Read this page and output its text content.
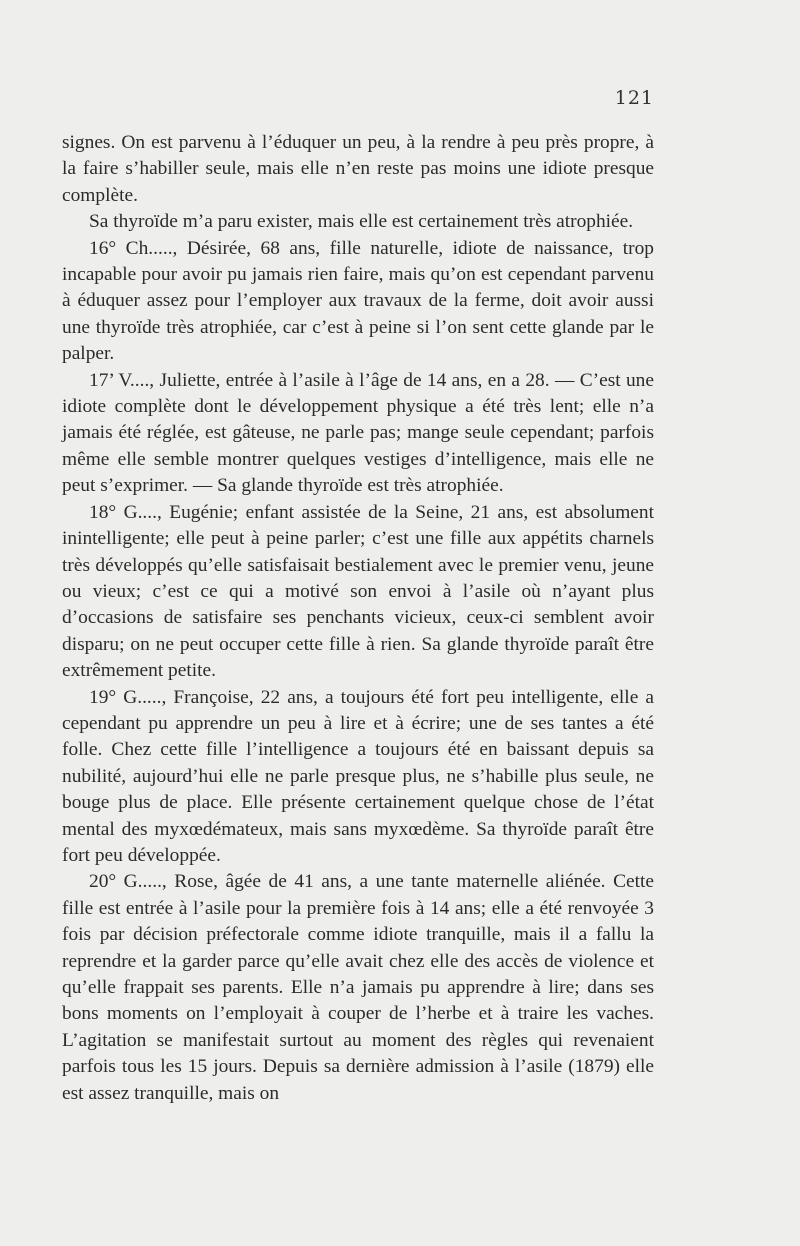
121

signes. On est parvenu à l’éduquer un peu, à la rendre à peu près propre, à la faire s’habiller seule, mais elle n’en reste pas moins une idiote presque complète.

Sa thyroïde m’a paru exister, mais elle est certainement très atrophiée.

16° Ch....., Désirée, 68 ans, fille naturelle, idiote de naissance, trop incapable pour avoir pu jamais rien faire, mais qu’on est cependant parvenu à éduquer assez pour l’employer aux travaux de la ferme, doit avoir aussi une thyroïde très atrophiée, car c’est à peine si l’on sent cette glande par le palper.

17’ V...., Juliette, entrée à l’asile à l’âge de 14 ans, en a 28. — C’est une idiote complète dont le développement physique a été très lent; elle n’a jamais été réglée, est gâteuse, ne parle pas; mange seule cependant; parfois même elle semble montrer quelques vestiges d’intelligence, mais elle ne peut s’exprimer. — Sa glande thyroïde est très atrophiée.

18° G...., Eugénie; enfant assistée de la Seine, 21 ans, est absolument inintelligente; elle peut à peine parler; c’est une fille aux appétits charnels très développés qu’elle satisfaisait bestialement avec le premier venu, jeune ou vieux; c’est ce qui a motivé son envoi à l’asile où n’ayant plus d’occasions de satisfaire ses penchants vicieux, ceux-ci semblent avoir disparu; on ne peut occuper cette fille à rien. Sa glande thyroïde paraît être extrêmement petite.

19° G....., Françoise, 22 ans, a toujours été fort peu intelligente, elle a cependant pu apprendre un peu à lire et à écrire; une de ses tantes a été folle. Chez cette fille l’intelligence a toujours été en baissant depuis sa nubilité, aujourd’hui elle ne parle presque plus, ne s’habille plus seule, ne bouge plus de place. Elle présente certainement quelque chose de l’état mental des myxœdémateux, mais sans myxœdème. Sa thyroïde paraît être fort peu développée.

20° G....., Rose, âgée de 41 ans, a une tante maternelle aliénée. Cette fille est entrée à l’asile pour la première fois à 14 ans; elle a été renvoyée 3 fois par décision préfectorale comme idiote tranquille, mais il a fallu la reprendre et la garder parce qu’elle avait chez elle des accès de violence et qu’elle frappait ses parents. Elle n’a jamais pu apprendre à lire; dans ses bons moments on l’employait à couper de l’herbe et à traire les vaches. L’agitation se manifestait surtout au moment des règles qui revenaient parfois tous les 15 jours. Depuis sa dernière admission à l’asile (1879) elle est assez tranquille, mais on
